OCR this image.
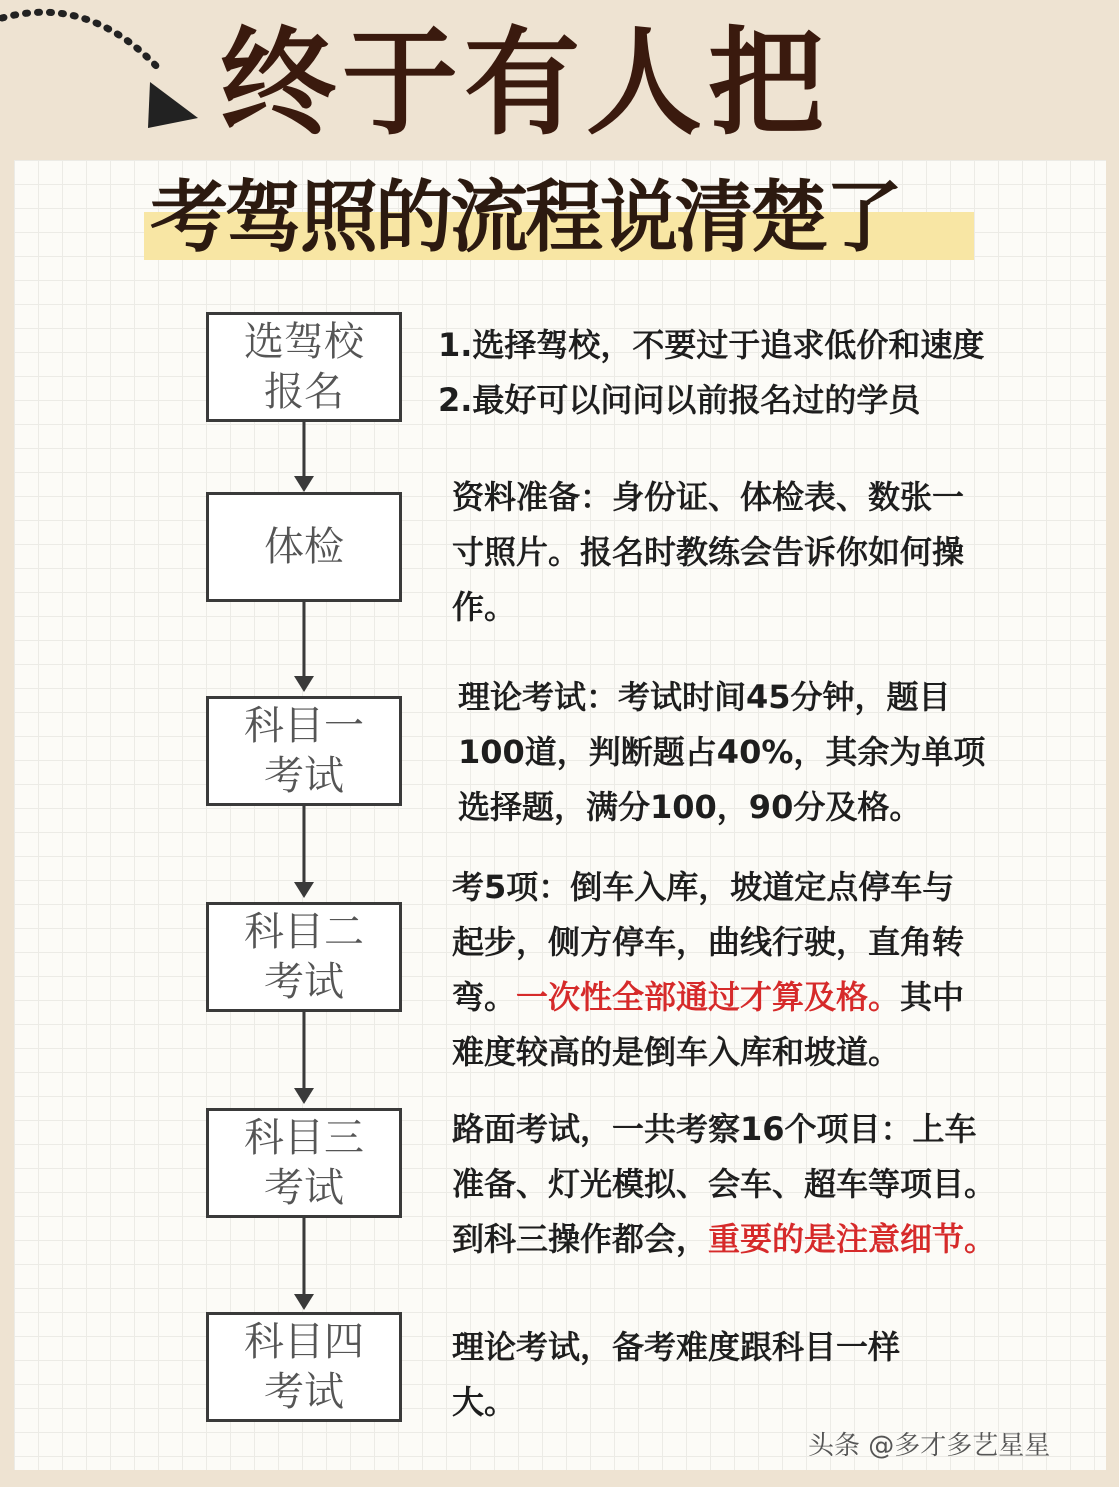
终于有人把
考驾照的流程说清楚了
选驾校
报名
1.选择驾校，不要过于追求低价和速度
2.最好可以问问以前报名过的学员
体检
资料准备：身份证、体检表、数张一
寸照片。报名时教练会告诉你如何操
作。
科目一
考试
理论考试：考试时间45分钟，题目
100道，判断题占40%，其余为单项
选择题，满分100，90分及格。
科目二
考试
考5项：倒车入库，坡道定点停车与
起步，侧方停车，曲线行驶，直角转
弯。一次性全部通过才算及格。其中
难度较高的是倒车入库和坡道。
科目三
考试
路面考试，一共考察16个项目：上车
准备、灯光模拟、会车、超车等项目。
到科三操作都会，重要的是注意细节。
科目四
考试
理论考试，备考难度跟科目一样
大。
头条 @多才多艺星星
